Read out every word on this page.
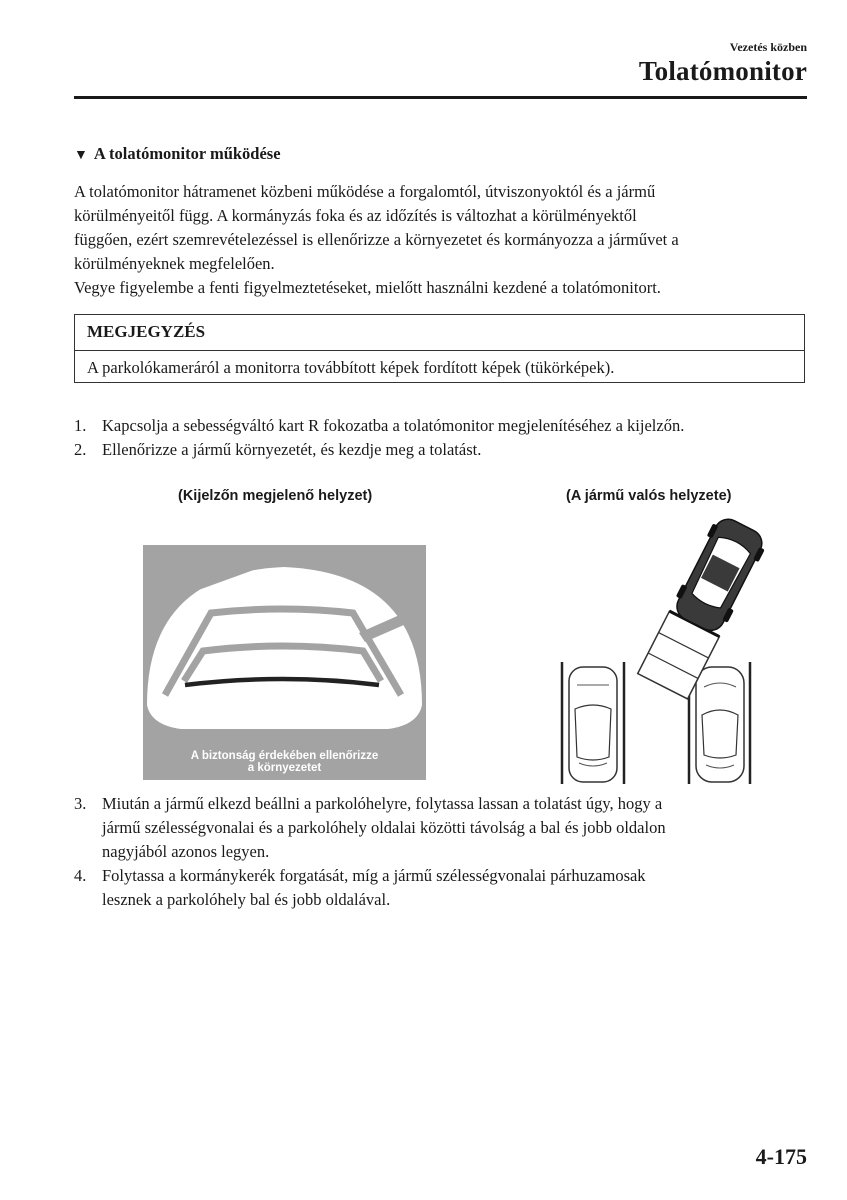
Vezetés közben
Tolatómonitor
▼ A tolatómonitor működése

A tolatómonitor hátramenet közbeni működése a forgalomtól, útviszonyoktól és a jármű

körülményeitől függ. A kormányzás foka és az időzítés is változhat a körülményektől

függően, ezért szemrevételezéssel is ellenőrizze a környezetet és kormányozza a járművet a

körülményeknek megfelelően.

Vegye figyelembe a fenti figyelmeztetéseket, mielőtt használni kezdené a tolatómonitort.

MEGJEGYZÉS
A parkolókameráról a monitorra továbbított képek fordított képek (tükörképek).
1. Kapcsolja a sebességváltó kart R fokozatba a tolatómonitor megjelenítéséhez a kijelzőn.
2. Ellenőrizze a jármű környezetét, és kezdje meg a tolatást.
(Kijelzőn megjelenő helyzet)	(A jármű valós helyzete)
A biztonság érdekében ellenőrizze
a környezetet
3. Miután a jármű elkezd beállni a parkolóhelyre, folytassa lassan a tolatást úgy, hogy a
jármű szélességvonalai és a parkolóhely oldalai közötti távolság a bal és jobb oldalon
nagyjából azonos legyen.
4. Folytassa a kormánykerék forgatását, míg a jármű szélességvonalai párhuzamosak
lesznek a parkolóhely bal és jobb oldalával.
4-175
